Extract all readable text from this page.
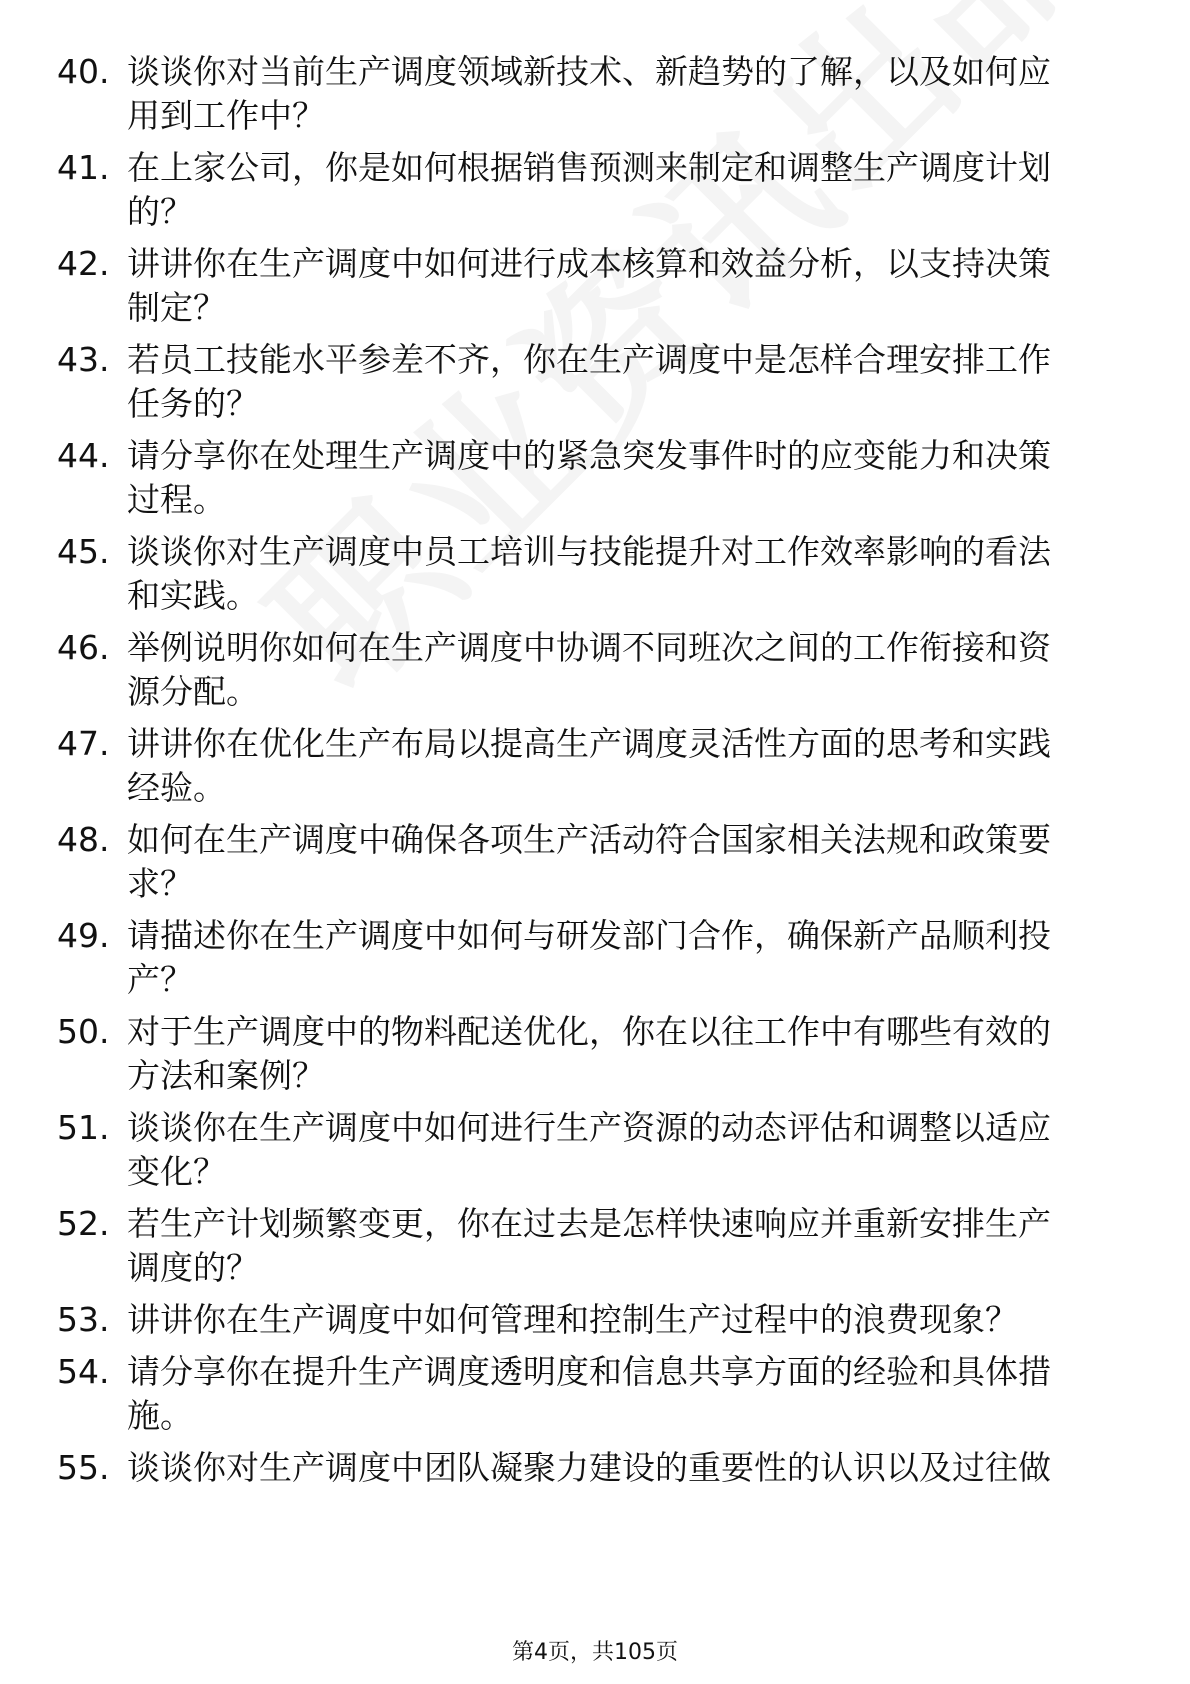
40. 谈谈你对当前生产调度领域新技术、新趋势的了解，以及如何应
用到工作中？
41. 在上家公司，你是如何根据销售预测来制定和调整生产调度计划
的？
42. 讲讲你在生产调度中如何进行成本核算和效益分析，以支持决策
制定？
43. 若员工技能水平参差不齐，你在生产调度中是怎样合理安排工作
任务的？
44. 请分享你在处理生产调度中的紧急突发事件时的应变能力和决策
过程。
45. 谈谈你对生产调度中员工培训与技能提升对工作效率影响的看法
和实践。
46. 举例说明你如何在生产调度中协调不同班次之间的工作衔接和资
源分配。
47. 讲讲你在优化生产布局以提高生产调度灵活性方面的思考和实践
经验。
48. 如何在生产调度中确保各项生产活动符合国家相关法规和政策要
求？
49. 请描述你在生产调度中如何与研发部门合作，确保新产品顺利投
产？
50. 对于生产调度中的物料配送优化，你在以往工作中有哪些有效的
方法和案例？
51. 谈谈你在生产调度中如何进行生产资源的动态评估和调整以适应
变化？
52. 若生产计划频繁变更，你在过去是怎样快速响应并重新安排生产
调度的？
53. 讲讲你在生产调度中如何管理和控制生产过程中的浪费现象？
54. 请分享你在提升生产调度透明度和信息共享方面的经验和具体措
施。
55. 谈谈你对生产调度中团队凝聚力建设的重要性的认识以及过往做
第4页，共105页
